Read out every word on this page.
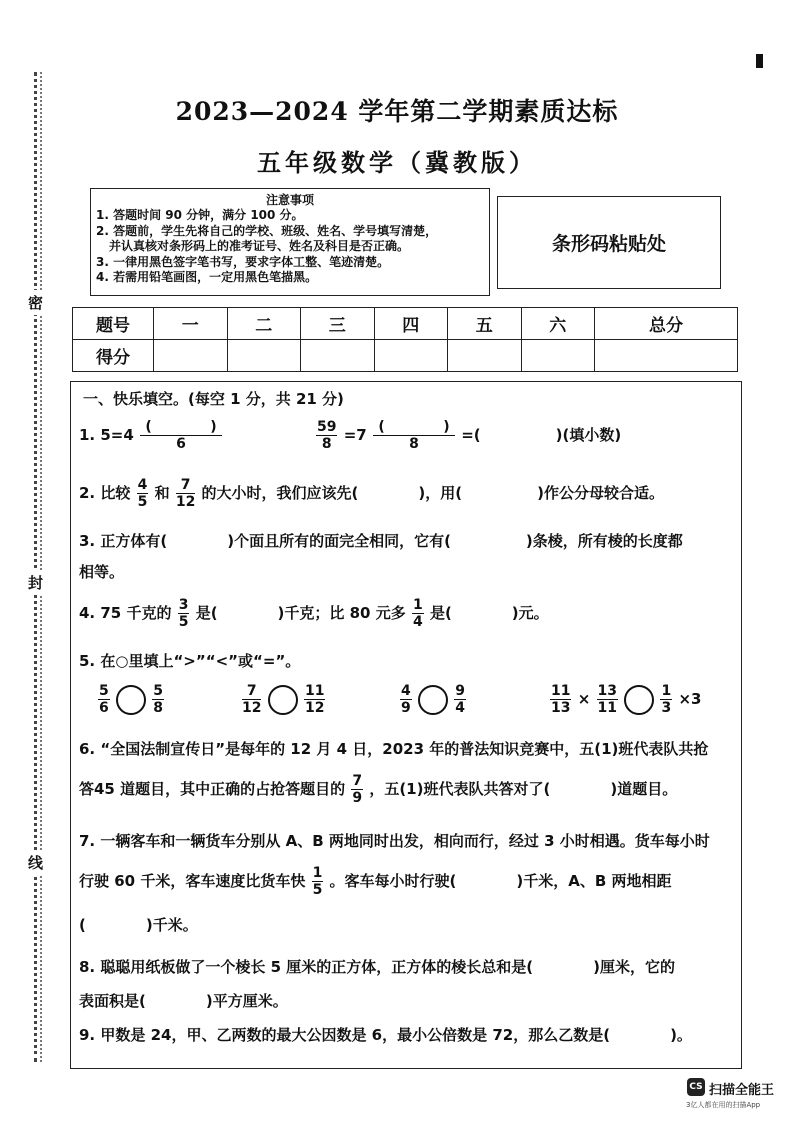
密
封
线
2023—2024 学年第二学期素质达标
五年级数学（冀教版）
注意事项
1. 答题时间 90 分钟，满分 100 分。
2. 答题前，学生先将自己的学校、班级、姓名、学号填写清楚，
并认真核对条形码上的准考证号、姓名及科目是否正确。
3. 一律用黑色签字笔书写，要求字体工整、笔迹清楚。
4. 若需用铅笔画图，一定用黑色笔描黑。
条形码粘贴处
题号	一	二	三	四	五	六	总分
得分							
一、快乐填空。(每空 1 分，共 21 分)
1. $5=4 \frac{( )}{6}$	$\frac{59}{8} =7 \frac{( )}{8}$ =(　　　　　)(填小数)
2. 比较 $\frac{4}{5}$ 和 $\frac{7}{12}$ 的大小时，我们应该先(　　　　)，用(　　　　　)作公分母较合适。
3. 正方体有(　　　　)个面且所有的面完全相同，它有(　　　　　)条棱，所有棱的长度都
相等。
4. 75 千克的 $\frac{3}{5}$ 是(　　　　)千克；比 80 元多 $\frac{1}{4}$ 是(　　　　)元。
5. 在○里填上“>”“<”或“=”。
$\frac{5}{6}$
	$\frac{5}{8}$	$\frac{7}{12}$
	$\frac{11}{12}$	$\frac{4}{9}$
	$\frac{9}{4}$	$\frac{11}{13} \times \frac{13}{11}$
	$\frac{1}{3} \times 3$
6. “全国法制宣传日”是每年的 12 月 4 日，2023 年的普法知识竞赛中，五(1)班代表队共抢
答45 道题目，其中正确的占抢答题目的 $\frac{7}{9}$ ，五(1)班代表队共答对了(　　　　)道题目。
7. 一辆客车和一辆货车分别从 A、B 两地同时出发，相向而行，经过 3 小时相遇。货车每小时
行驶 60 千米，客车速度比货车快 $\frac{1}{5}$ 。客车每小时行驶(　　　　)千米，A、B 两地相距
(　　　　)千米。
8. 聪聪用纸板做了一个棱长 5 厘米的正方体，正方体的棱长总和是(　　　　)厘米，它的
表面积是(　　　　)平方厘米。
9. 甲数是 24，甲、乙两数的最大公因数是 6，最小公倍数是 72，那么乙数是(　　　　)。
CS 扫描全能王
3亿人都在用的扫描App
